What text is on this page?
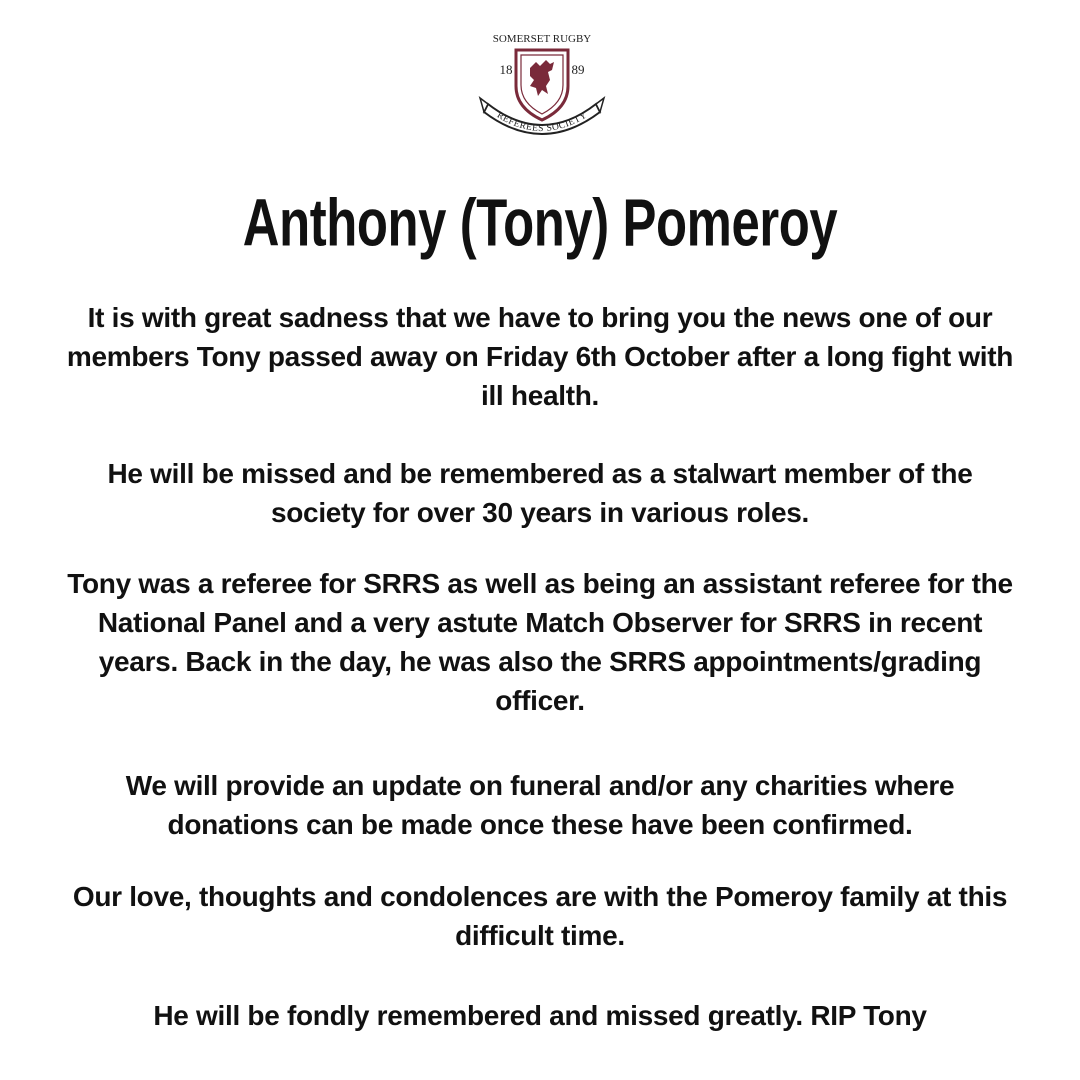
SOMERSET RUGBY
18	89
REFEREES SOCIETY
Anthony (Tony) Pomeroy
It is with great sadness that we have to bring you the news one of our members Tony passed away on Friday 6th October after a long fight with ill health.
He will be missed and be remembered as a stalwart member of the society for over 30 years in various roles.
Tony was a referee for SRRS as well as being an assistant referee for the National Panel and a very astute Match Observer for SRRS in recent years. Back in the day, he was also the SRRS appointments/grading officer.
We will provide an update on funeral and/or any charities where donations can be made once these have been confirmed.
Our love, thoughts and condolences are with the Pomeroy family at this difficult time.
He will be fondly remembered and missed greatly. RIP Tony
